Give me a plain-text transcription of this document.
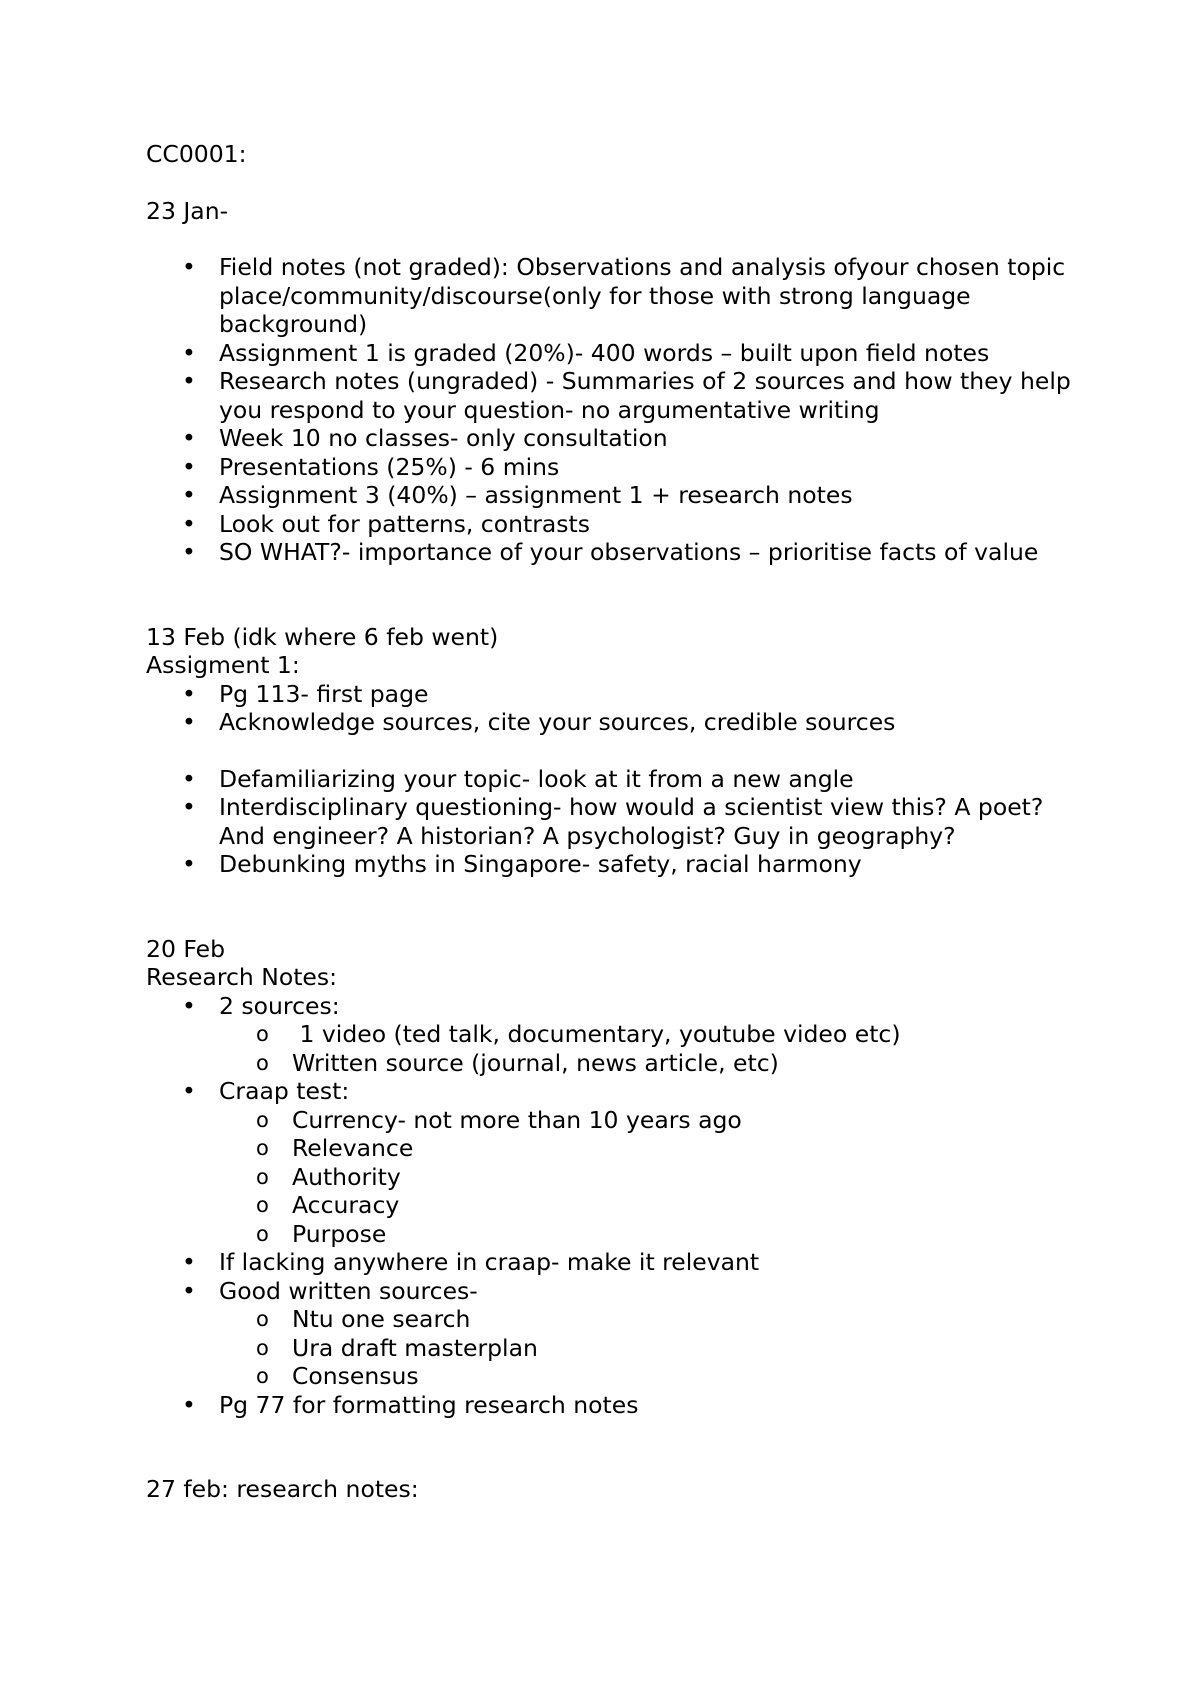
CC0001:

23 Jan-

• Field notes (not graded): Observations and analysis ofyour chosen topic place/community/discourse(only for those with strong language background)
• Assignment 1 is graded (20%)- 400 words – built upon field notes
• Research notes (ungraded) - Summaries of 2 sources and how they help you respond to your question- no argumentative writing
• Week 10 no classes- only consultation
• Presentations (25%) - 6 mins
• Assignment 3 (40%) – assignment 1 + research notes
• Look out for patterns, contrasts
• SO WHAT?- importance of your observations – prioritise facts of value

13 Feb (idk where 6 feb went)

Assigment 1:

• Pg 113- first page
• Acknowledge sources, cite your sources, credible sources
• Defamiliarizing your topic- look at it from a new angle
• Interdisciplinary questioning- how would a scientist view this? A poet? And engineer? A historian? A psychologist? Guy in geography?
• Debunking myths in Singapore- safety, racial harmony

20 Feb

Research Notes:

• 2 sources:
o  1 video (ted talk, documentary, youtube video etc)
o Written source (journal, news article, etc)
• Craap test:
o Currency- not more than 10 years ago
o Relevance
o Authority
o Accuracy
o Purpose
• If lacking anywhere in craap- make it relevant
• Good written sources-
o Ntu one search
o Ura draft masterplan
o Consensus
• Pg 77 for formatting research notes

27 feb: research notes:
